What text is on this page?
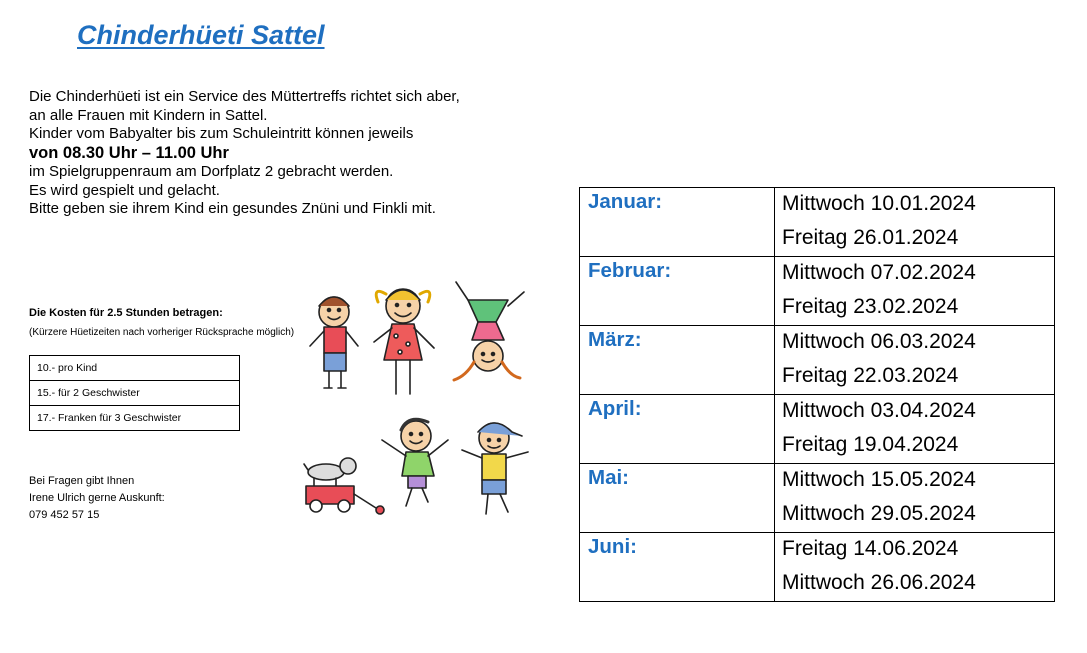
Chinderhüeti Sattel
Die Chinderhüeti ist ein Service des Müttertreffs richtet sich aber,
an alle Frauen mit Kindern in Sattel.
Kinder vom Babyalter bis zum Schuleintritt können jeweils
von 08.30 Uhr – 11.00 Uhr
im Spielgruppenraum am Dorfplatz 2 gebracht werden.
Es wird gespielt und gelacht.
Bitte geben sie ihrem Kind ein gesundes Znüni und Finkli mit.
Die Kosten für 2.5 Stunden betragen:
(Kürzere Hüetizeiten nach vorheriger Rücksprache möglich)
10.- pro Kind
15.- für 2 Geschwister
17.- Franken für 3 Geschwister
Bei Fragen gibt Ihnen
Irene Ulrich gerne Auskunft:
079 452 57 15
Januar:	Mittwoch 10.01.2024
Freitag 26.01.2024

Februar:	Mittwoch 07.02.2024
Freitag 23.02.2024

März:	Mittwoch 06.03.2024
Freitag 22.03.2024

April:	Mittwoch 03.04.2024
Freitag 19.04.2024

Mai:	Mittwoch 15.05.2024
Mittwoch 29.05.2024

Juni:	Freitag 14.06.2024
Mittwoch 26.06.2024
